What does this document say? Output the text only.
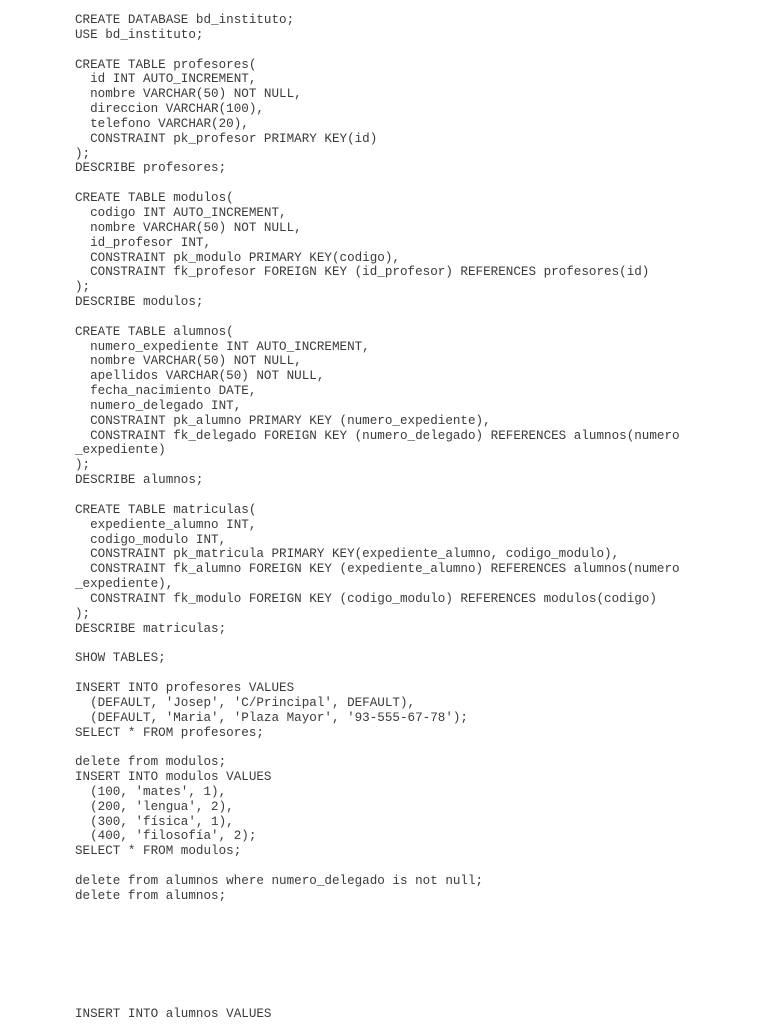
CREATE DATABASE bd_instituto;
USE bd_instituto;
CREATE TABLE profesores(
id INT AUTO_INCREMENT,
nombre VARCHAR(50) NOT NULL,
direccion VARCHAR(100),
telefono VARCHAR(20),
CONSTRAINT pk_profesor PRIMARY KEY(id)
);
DESCRIBE profesores;
CREATE TABLE modulos(
codigo INT AUTO_INCREMENT,
nombre VARCHAR(50) NOT NULL,
id_profesor INT,
CONSTRAINT pk_modulo PRIMARY KEY(codigo),
CONSTRAINT fk_profesor FOREIGN KEY (id_profesor) REFERENCES profesores(id)
);
DESCRIBE modulos;
CREATE TABLE alumnos(
numero_expediente INT AUTO_INCREMENT,
nombre VARCHAR(50) NOT NULL,
apellidos VARCHAR(50) NOT NULL,
fecha_nacimiento DATE,
numero_delegado INT,
CONSTRAINT pk_alumno PRIMARY KEY (numero_expediente),
CONSTRAINT fk_delegado FOREIGN KEY (numero_delegado) REFERENCES alumnos(numero
_expediente)
);
DESCRIBE alumnos;
CREATE TABLE matriculas(
expediente_alumno INT,
codigo_modulo INT,
CONSTRAINT pk_matricula PRIMARY KEY(expediente_alumno, codigo_modulo),
CONSTRAINT fk_alumno FOREIGN KEY (expediente_alumno) REFERENCES alumnos(numero
_expediente),
CONSTRAINT fk_modulo FOREIGN KEY (codigo_modulo) REFERENCES modulos(codigo)
);
DESCRIBE matriculas;
SHOW TABLES;
INSERT INTO profesores VALUES
(DEFAULT, 'Josep', 'C/Principal', DEFAULT),
(DEFAULT, 'Maria', 'Plaza Mayor', '93-555-67-78');
SELECT * FROM profesores;
delete from modulos;
INSERT INTO modulos VALUES
(100, 'mates', 1),
(200, 'lengua', 2),
(300, 'física', 1),
(400, 'filosofía', 2);
SELECT * FROM modulos;
delete from alumnos where numero_delegado is not null;
delete from alumnos;
INSERT INTO alumnos VALUES
